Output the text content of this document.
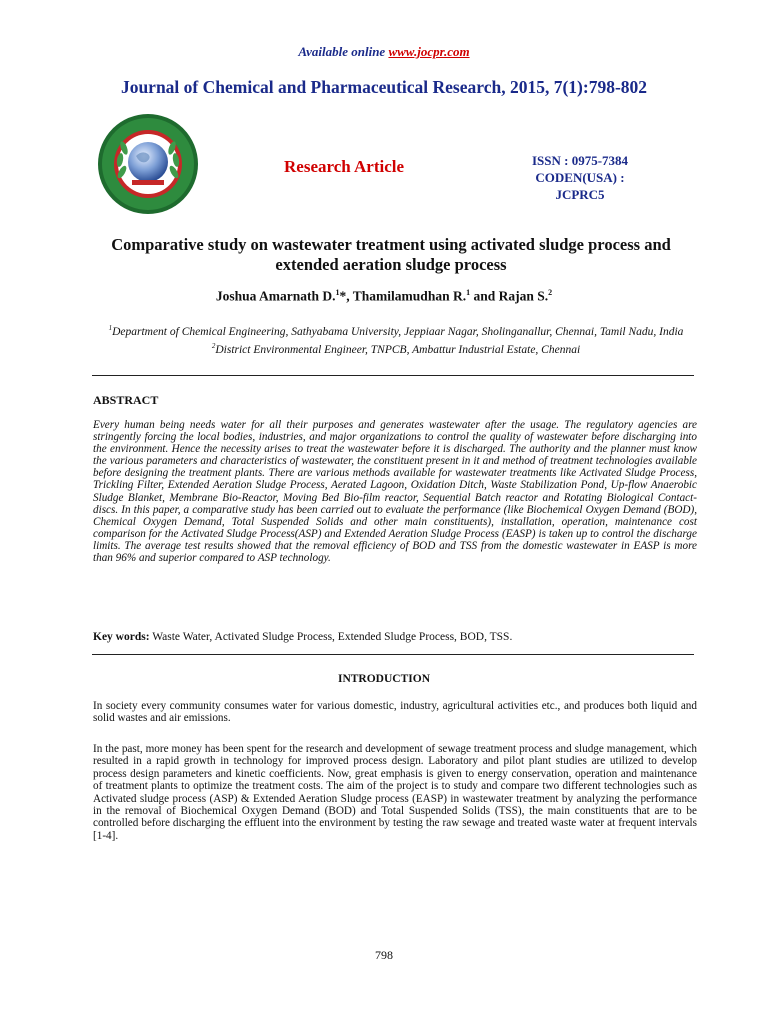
Available online www.jocpr.com
Journal of Chemical and Pharmaceutical Research, 2015, 7(1):798-802
Research Article	ISSN : 0975-7384
CODEN(USA) : JCPRC5
Comparative study on wastewater treatment using activated sludge process and extended aeration sludge process
Joshua Amarnath D.$^1$*, Thamilamudhan R.$^1$ and Rajan S.$^2$
$^1$Department of Chemical Engineering, Sathyabama University, Jeppiaar Nagar, Sholinganallur, Chennai, Tamil Nadu, India
$^2$District Environmental Engineer, TNPCB, Ambattur Industrial Estate, Chennai
ABSTRACT
Every human being needs water for all their purposes and generates wastewater after the usage. The regulatory agencies are stringently forcing the local bodies, industries, and major organizations to control the quality of wastewater before discharging into the environment. Hence the necessity arises to treat the wastewater before it is discharged. The authority and the planner must know the various parameters and characteristics of wastewater, the constituent present in it and method of treatment technologies available before designing the treatment plants. There are various methods available for wastewater treatments like Activated Sludge Process, Trickling Filter, Extended Aeration Sludge Process, Aerated Lagoon, Oxidation Ditch, Waste Stabilization Pond, Up-flow Anaerobic Sludge Blanket, Membrane Bio-Reactor, Moving Bed Bio-film reactor, Sequential Batch reactor and Rotating Biological Contact-discs. In this paper, a comparative study has been carried out to evaluate the performance (like Biochemical Oxygen Demand (BOD), Chemical Oxygen Demand, Total Suspended Solids and other main constituents), installation, operation, maintenance cost comparison for the Activated Sludge Process(ASP) and Extended Aeration Sludge Process (EASP) is taken up to control the discharge limits. The average test results showed that the removal efficiency of BOD and TSS from the domestic wastewater in EASP is more than 96% and superior compared to ASP technology.
Key words: Waste Water, Activated Sludge Process, Extended Sludge Process, BOD, TSS.
INTRODUCTION
In society every community consumes water for various domestic, industry, agricultural activities etc., and produces both liquid and solid wastes and air emissions.
In the past, more money has been spent for the research and development of sewage treatment process and sludge management, which resulted in a rapid growth in technology for improved process design. Laboratory and pilot plant studies are utilized to develop process design parameters and kinetic coefficients. Now, great emphasis is given to energy conservation, operation and maintenance of treatment plants to optimize the treatment costs. The aim of the project is to study and compare two different technologies such as Activated sludge process (ASP) & Extended Aeration Sludge process (EASP) in wastewater treatment by analyzing the performance in the removal of Biochemical Oxygen Demand (BOD) and Total Suspended Solids (TSS), the main constituents that are to be controlled before discharging the effluent into the environment by testing the raw sewage and treated waste water at frequent intervals [1-4].
798
